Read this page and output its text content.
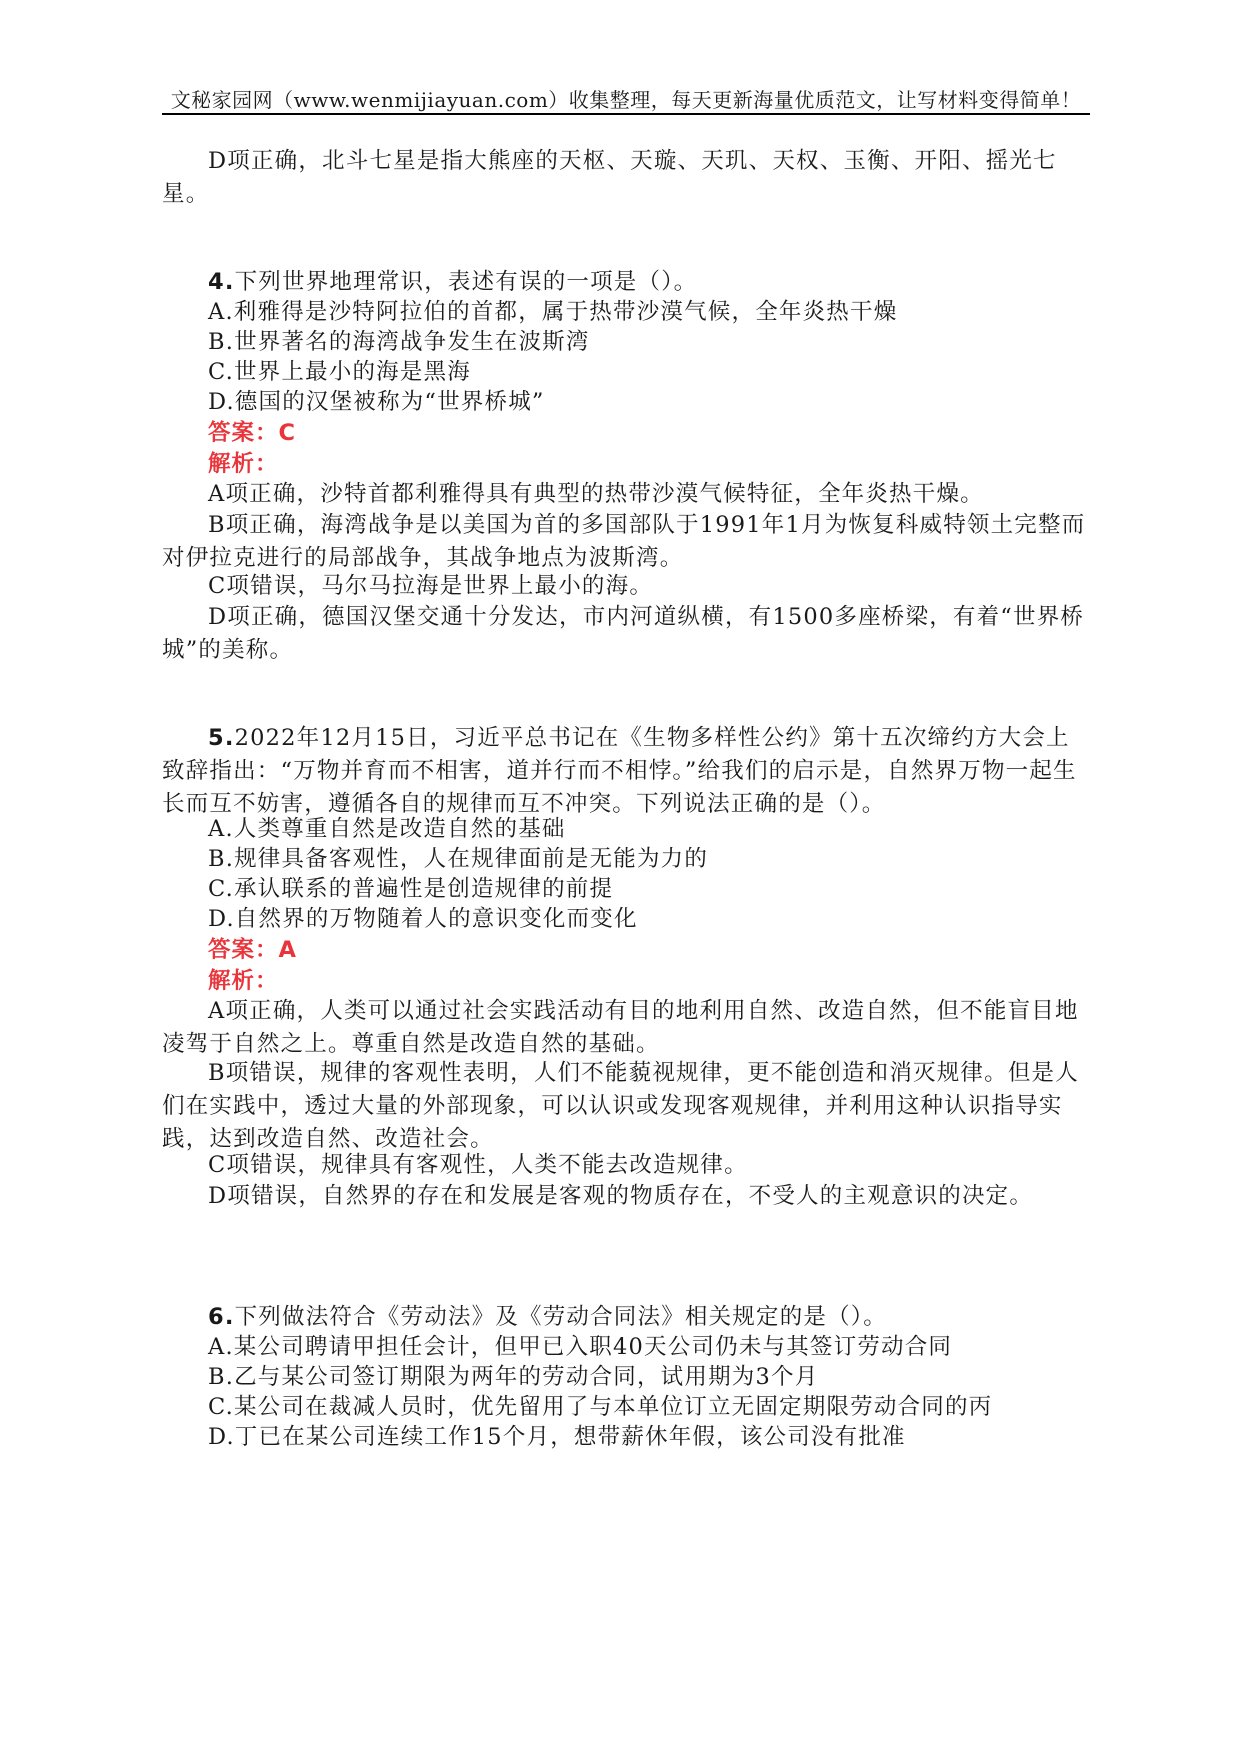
文秘家园网（www.wenmijiayuan.com）收集整理，每天更新海量优质范文，让写材料变得简单！

D项正确，北斗七星是指大熊座的天枢、天璇、天玑、天权、玉衡、开阳、摇光七星。

4.下列世界地理常识，表述有误的一项是（）。

A.利雅得是沙特阿拉伯的首都，属于热带沙漠气候，全年炎热干燥

B.世界著名的海湾战争发生在波斯湾

C.世界上最小的海是黑海

D.德国的汉堡被称为“世界桥城”

答案：C

解析：

A项正确，沙特首都利雅得具有典型的热带沙漠气候特征，全年炎热干燥。

B项正确，海湾战争是以美国为首的多国部队于1991年1月为恢复科威特领土完整而对伊拉克进行的局部战争，其战争地点为波斯湾。

C项错误，马尔马拉海是世界上最小的海。

D项正确，德国汉堡交通十分发达，市内河道纵横，有1500多座桥梁，有着“世界桥城”的美称。

5.2022年12月15日，习近平总书记在《生物多样性公约》第十五次缔约方大会上致辞指出：“万物并育而不相害，道并行而不相悖。”给我们的启示是，自然界万物一起生长而互不妨害，遵循各自的规律而互不冲突。下列说法正确的是（）。

A.人类尊重自然是改造自然的基础

B.规律具备客观性，人在规律面前是无能为力的

C.承认联系的普遍性是创造规律的前提

D.自然界的万物随着人的意识变化而变化

答案：A

解析：

A项正确，人类可以通过社会实践活动有目的地利用自然、改造自然，但不能盲目地凌驾于自然之上。尊重自然是改造自然的基础。

B项错误，规律的客观性表明，人们不能藐视规律，更不能创造和消灭规律。但是人们在实践中，透过大量的外部现象，可以认识或发现客观规律，并利用这种认识指导实践，达到改造自然、改造社会。

C项错误，规律具有客观性，人类不能去改造规律。

D项错误，自然界的存在和发展是客观的物质存在，不受人的主观意识的决定。

6.下列做法符合《劳动法》及《劳动合同法》相关规定的是（）。

A.某公司聘请甲担任会计，但甲已入职40天公司仍未与其签订劳动合同

B.乙与某公司签订期限为两年的劳动合同，试用期为3个月

C.某公司在裁减人员时，优先留用了与本单位订立无固定期限劳动合同的丙

D.丁已在某公司连续工作15个月，想带薪休年假，该公司没有批准
